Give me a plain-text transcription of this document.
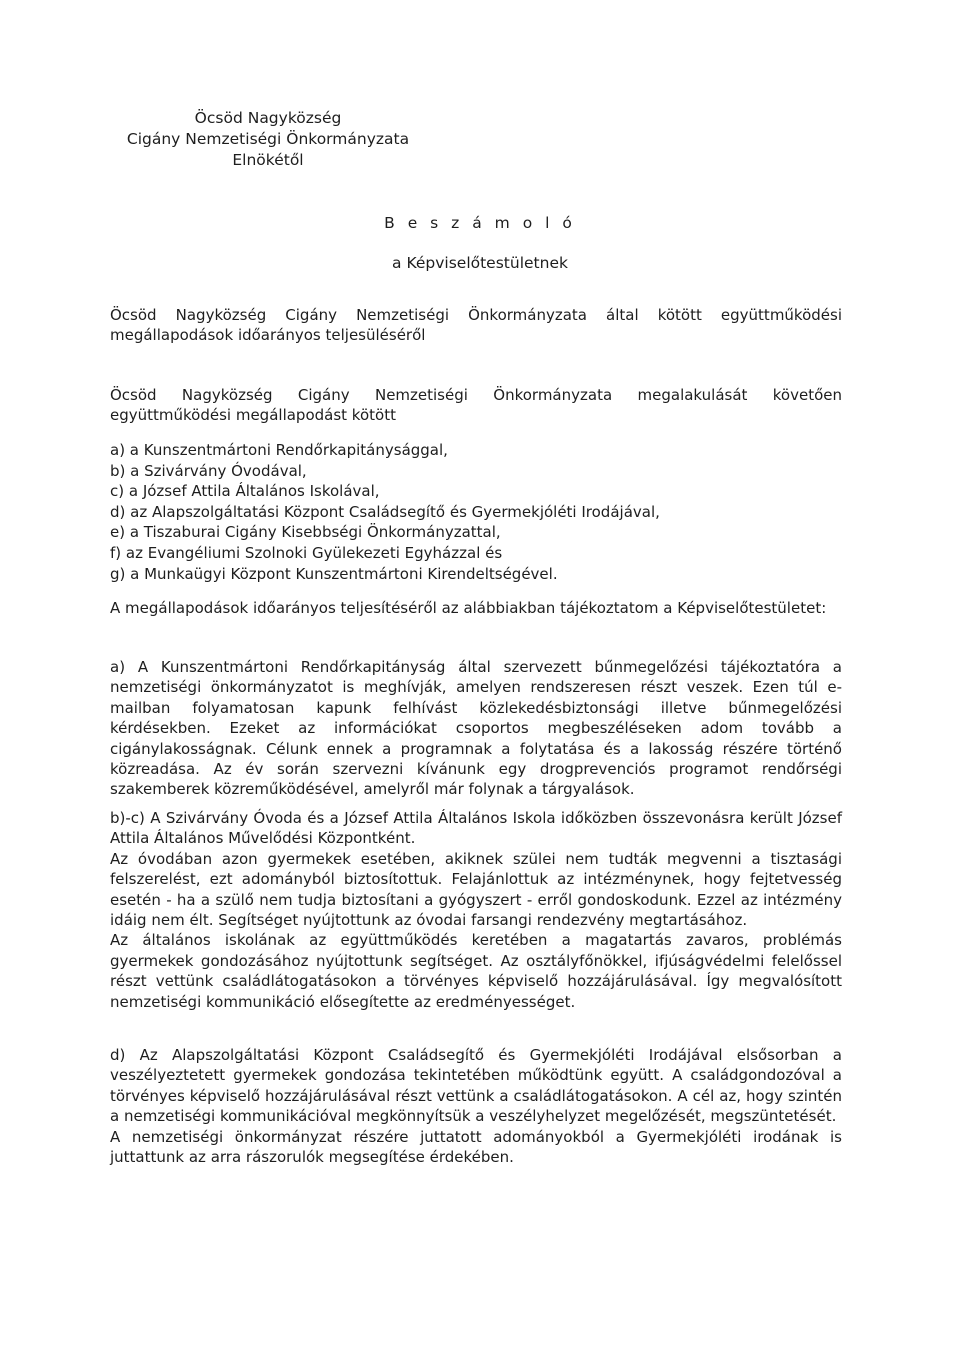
Öcsöd Nagyközség
Cigány Nemzetiségi Önkormányzata
Elnökétől
B e s z á m o l ó
a Képviselőtestületnek

Öcsöd Nagyközség Cigány Nemzetiségi Önkormányzata által kötött együttműködési megállapodások időarányos teljesüléséről

Öcsöd Nagyközség Cigány Nemzetiségi Önkormányzata megalakulását követően együttműködési megállapodást kötött

a) a Kunszentmártoni Rendőrkapitánysággal,
b) a Szivárvány Óvodával,
c) a József Attila Általános Iskolával,
d) az Alapszolgáltatási Központ Családsegítő és Gyermekjóléti Irodájával,
e) a Tiszaburai Cigány Kisebbségi Önkormányzattal,
f) az Evangéliumi Szolnoki Gyülekezeti Egyházzal és
g) a Munkaügyi Központ Kunszentmártoni Kirendeltségével.

A megállapodások időarányos teljesítéséről az alábbiakban tájékoztatom a Képviselőtestületet:

a) A Kunszentmártoni Rendőrkapitányság által szervezett bűnmegelőzési tájékoztatóra a nemzetiségi önkormányzatot is meghívják, amelyen rendszeresen részt veszek. Ezen túl e-mailban folyamatosan kapunk felhívást közlekedésbiztonsági illetve bűnmegelőzési kérdésekben. Ezeket az információkat csoportos megbeszéléseken adom tovább a cigánylakosságnak. Célunk ennek a programnak a folytatása és a lakosság részére történő közreadása. Az év során szervezni kívánunk egy drogprevenciós programot rendőrségi szakemberek közreműködésével, amelyről már folynak a tárgyalások.

b)-c) A Szivárvány Óvoda és a József Attila Általános Iskola időközben összevonásra került József Attila Általános Művelődési Központként.

Az óvodában azon gyermekek esetében, akiknek szülei nem tudták megvenni a tisztasági felszerelést, ezt adományból biztosítottuk. Felajánlottuk az intézménynek, hogy fejtetvesség esetén - ha a szülő nem tudja biztosítani a gyógyszert - erről gondoskodunk. Ezzel az intézmény idáig nem élt. Segítséget nyújtottunk az óvodai farsangi rendezvény megtartásához.

Az általános iskolának az együttműködés keretében a magatartás zavaros, problémás gyermekek gondozásához nyújtottunk segítséget. Az osztályfőnökkel, ifjúságvédelmi felelőssel részt vettünk családlátogatásokon a törvényes képviselő hozzájárulásával. Így megvalósított nemzetiségi kommunikáció elősegítette az eredményességet.

d) Az Alapszolgáltatási Központ Családsegítő és Gyermekjóléti Irodájával elsősorban a veszélyeztetett gyermekek gondozása tekintetében működtünk együtt. A családgondozóval a törvényes képviselő hozzájárulásával részt vettünk a családlátogatásokon. A cél az, hogy szintén a nemzetiségi kommunikációval megkönnyítsük a veszélyhelyzet megelőzését, megszüntetését.

A nemzetiségi önkormányzat részére juttatott adományokból a Gyermekjóléti irodának is juttattunk az arra rászorulók megsegítése érdekében.
